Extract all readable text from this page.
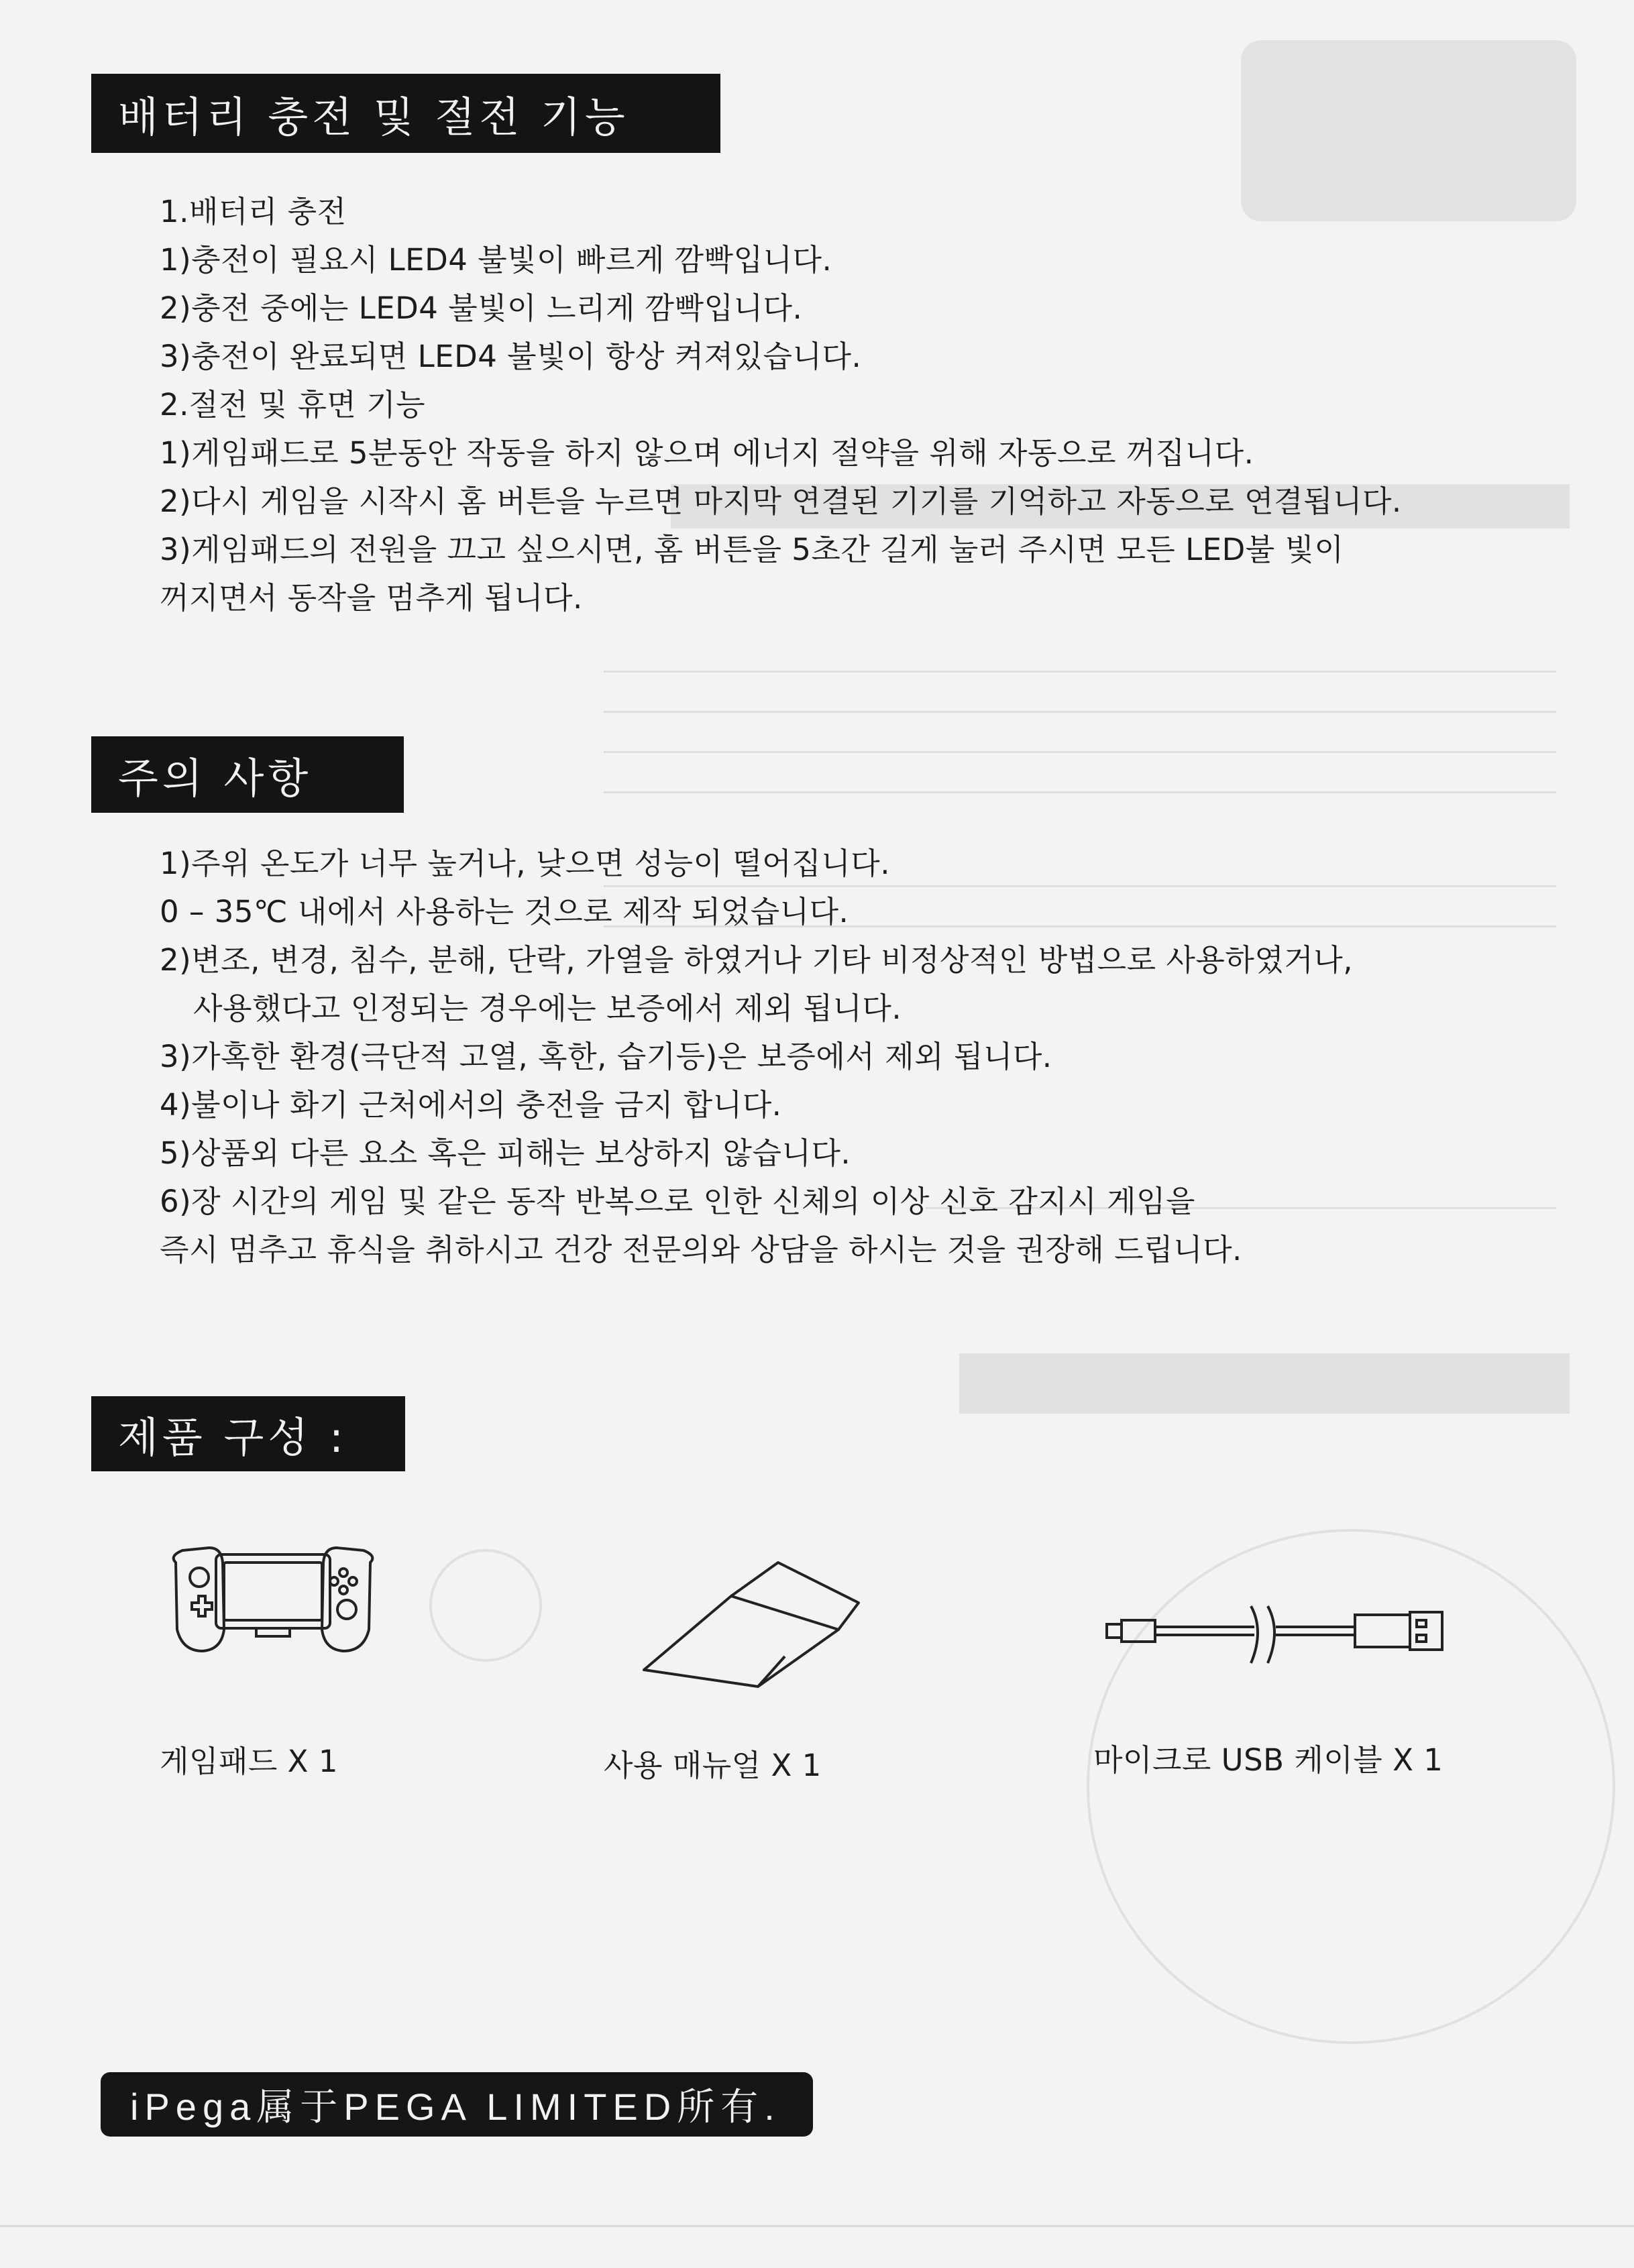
배터리 충전 및 절전 기능
1.배터리 충전
1)충전이 필요시 LED4 불빛이 빠르게 깜빡입니다.
2)충전 중에는 LED4 불빛이 느리게 깜빡입니다.
3)충전이 완료되면 LED4 불빛이 항상 켜져있습니다.
2.절전 및 휴면 기능
1)게임패드로 5분동안 작동을 하지 않으며 에너지 절약을 위해 자동으로 꺼집니다.
2)다시 게임을 시작시 홈 버튼을 누르면 마지막 연결된 기기를 기억하고 자동으로 연결됩니다.
3)게임패드의 전원을 끄고 싶으시면, 홈 버튼을 5초간 길게 눌러 주시면 모든 LED불 빛이
꺼지면서 동작을 멈추게 됩니다.
주의 사항
1)주위 온도가 너무 높거나, 낮으면 성능이 떨어집니다.
0 – 35℃ 내에서 사용하는 것으로 제작 되었습니다.
2)변조, 변경, 침수, 분해, 단락, 가열을 하였거나 기타 비정상적인 방법으로 사용하였거나,
사용했다고 인정되는 경우에는 보증에서 제외 됩니다.
3)가혹한 환경(극단적 고열, 혹한, 습기등)은 보증에서 제외 됩니다.
4)불이나 화기 근처에서의 충전을 금지 합니다.
5)상품외 다른 요소 혹은 피해는 보상하지 않습니다.
6)장 시간의 게임 및 같은 동작 반복으로 인한 신체의 이상 신호 감지시 게임을
즉시 멈추고 휴식을 취하시고 건강 전문의와 상담을 하시는 것을 권장해 드립니다.
제품 구성 :
게임패드 X 1	사용 매뉴얼 X 1	마이크로 USB 케이블 X 1
iPega属于PEGA LIMITED所有.
